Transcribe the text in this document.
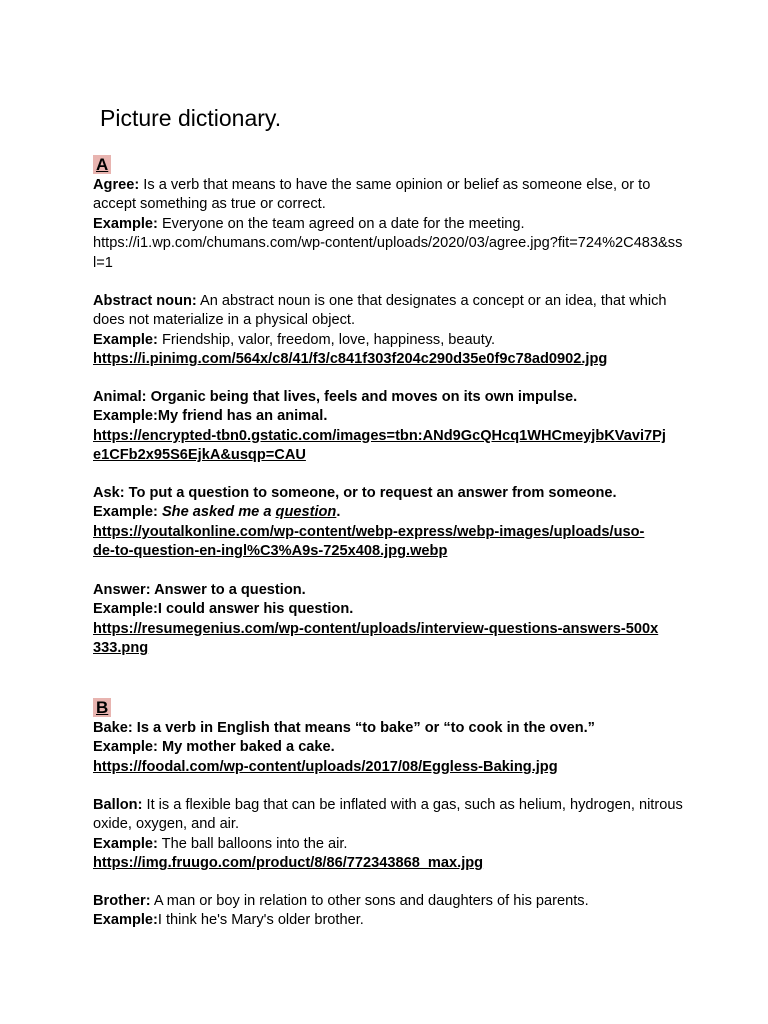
Picture dictionary.
A

Agree: Is a verb that means to have the same opinion or belief as someone else, or to accept something as true or correct.

Example: Everyone on the team agreed on a date for the meeting.

https://i1.wp.com/chumans.com/wp-content/uploads/2020/03/agree.jpg?fit=724%2C483&ssl=1

Abstract noun: An abstract noun is one that designates a concept or an idea, that which does not materialize in a physical object.

Example: Friendship, valor, freedom, love, happiness, beauty.

https://i.pinimg.com/564x/c8/41/f3/c841f303f204c290d35e0f9c78ad0902.jpg

Animal: Organic being that lives, feels and moves on its own impulse.

Example:My friend has an animal.

https://encrypted-tbn0.gstatic.com/images=tbn:ANd9GcQHcq1WHCmeyjbKVavi7Pje1CFb2x95S6EjkA&usqp=CAU

Ask: To put a question to someone, or to request an answer from someone.

Example: She asked me a question.

https://youtalkonline.com/wp-content/webp-express/webp-images/uploads/uso-de-to-question-en-ingl%C3%A9s-725x408.jpg.webp

Answer: Answer to a question.

Example:I could answer his question.

https://resumegenius.com/wp-content/uploads/interview-questions-answers-500x333.png

B

Bake: Is a verb in English that means “to bake” or “to cook in the oven.”

Example: My mother baked a cake.

https://foodal.com/wp-content/uploads/2017/08/Eggless-Baking.jpg

Ballon: It is a flexible bag that can be inflated with a gas, such as helium, hydrogen, nitrous oxide, oxygen, and air.

Example: The ball balloons into the air.

https://img.fruugo.com/product/8/86/772343868_max.jpg

Brother: A man or boy in relation to other sons and daughters of his parents.

Example:I think he's Mary's older brother.
